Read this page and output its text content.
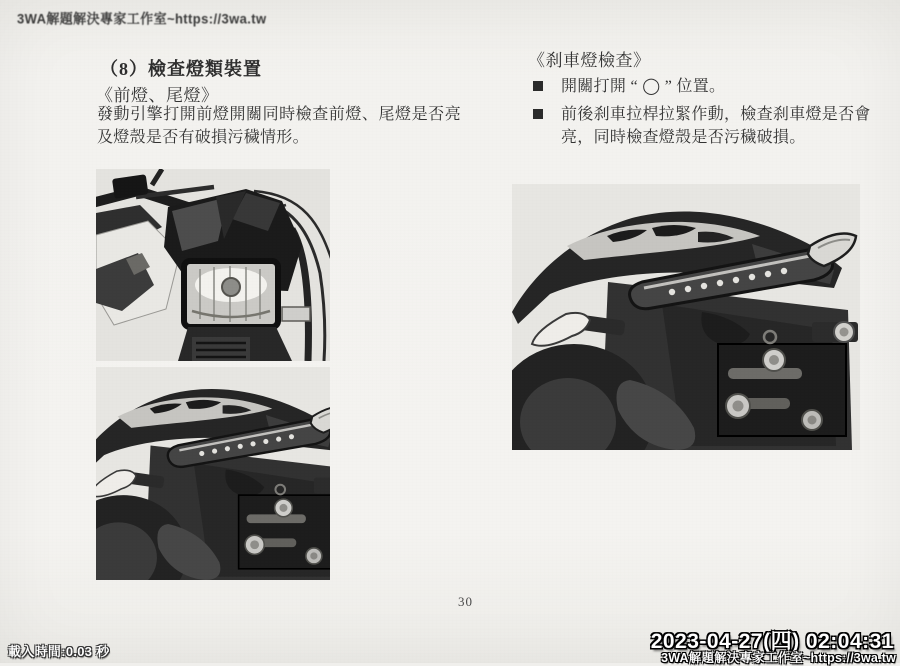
3WA解題解決專家工作室~https://3wa.tw
（8）檢查燈類裝置
《前燈、尾燈》
發動引擎打開前燈開關同時檢查前燈、尾燈是否亮及燈殼是否有破損污穢情形。
《刹車燈檢查》
開關打開 “ ◯ ” 位置。
前後刹車拉桿拉緊作動，檢查刹車燈是否會亮，同時檢查燈殼是否污穢破損。
30
載入時間:0.03 秒	2023-04-27(四) 02:04:31
3WA解題解決專家工作室~https://3wa.tw
